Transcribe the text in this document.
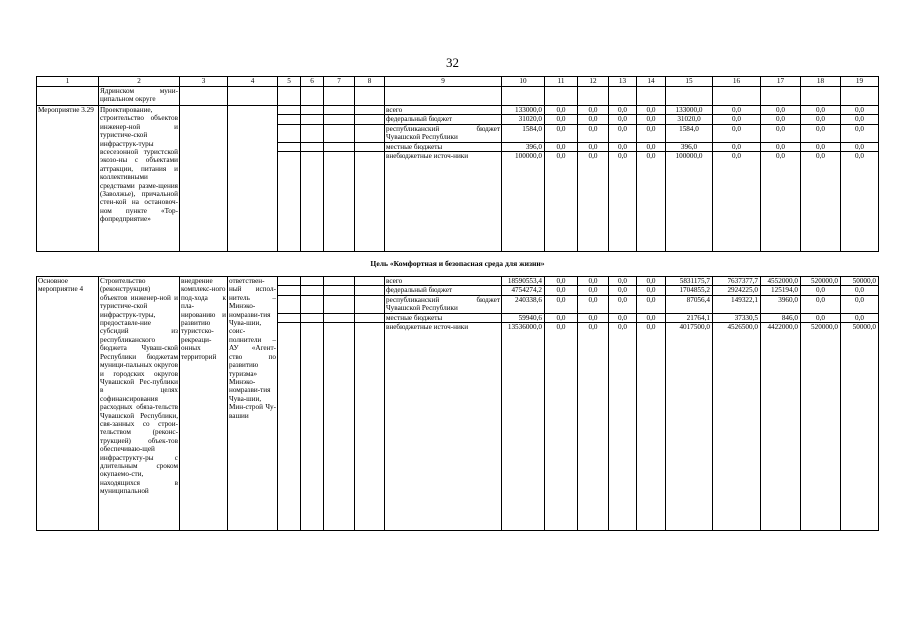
32
1	2	3	4	5	6	7	8	9	10	11	12	13	14	15	16	17	18	19
	Ядринском муни-ципальном округе																	
Мероприятие 3.29	Проектирование, строительство объектов инженер-ной и туристиче-ской инфраструк-туры всесезонной туристской экозо-ны с объектами аттракции, питания и коллективными средствами разме-щения (Заволжье), причальной стен-кой на остановоч-ном пункте «Тор-фопредприятие»							всего	133000,0	0,0	0,0	0,0	0,0	133000,0	0,0	0,0	0,0	0,0
								федеральный бюджет	31020,0	0,0	0,0	0,0	0,0	31020,0	0,0	0,0	0,0	0,0
								республиканский бюджет Чувашской Республики	1584,0	0,0	0,0	0,0	0,0	1584,0	0,0	0,0	0,0	0,0
								местные бюджеты	396,0	0,0	0,0	0,0	0,0	396,0	0,0	0,0	0,0	0,0
								внебюджетные источ-ники	100000,0	0,0	0,0	0,0	0,0	100000,0	0,0	0,0	0,0	0,0
Цель «Комфортная и безопасная среда для жизни»																		
Основное мероприятие 4	Строительство (реконструкция) объектов инженер-ной и туристиче-ской инфраструк-туры, предоставле-ние субсидий из республиканского бюджета Чуваш-ской Республики бюджетам муници-пальных округов и городских округов Чувашской Рес-публики в целях софинансирования расходных обяза-тельств Чувашской Республики, свя-занных со строи-тельством (реконс-трукцией) объек-тов обеспечиваю-щей инфраструкту-ры с длительным сроком окупаемо-сти, находящихся в муниципальной	внедрение комплекс-ного под-хода к пла-нированию и развитию туристско-рекреаци-онных территорий	ответствен-ный испол-нитель – Минэко-номразви-тия Чува-шии, соис-полнители – АУ «Агент-ство по развитию туризма» Минэко-номразви-тия Чува-шии, Мин-строй Чу-вашии					всего	18590553,4	0,0	0,0	0,0	0,0	5831175,7	7637377,7	4552000,0	520000,0	50000,0
								федеральный бюджет	4754274,2	0,0	0,0	0,0	0,0	1704855,2	2924225,0	125194,0	0,0	0,0
								республиканский бюджет Чувашской Республики	240338,6	0,0	0,0	0,0	0,0	87056,4	149322,1	3960,0	0,0	0,0
								местные бюджеты	59940,6	0,0	0,0	0,0	0,0	21764,1	37330,5	846,0	0,0	0,0
								внебюджетные источ-ники	13536000,0	0,0	0,0	0,0	0,0	4017500,0	4526500,0	4422000,0	520000,0	50000,0
